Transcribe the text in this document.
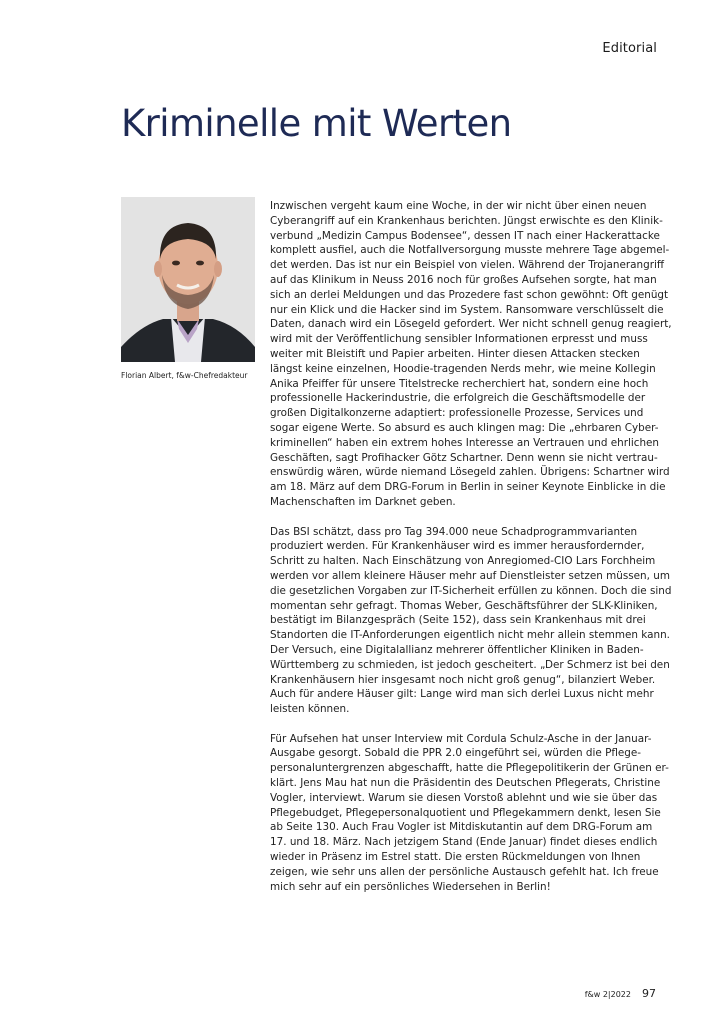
Editorial
Kriminelle mit Werten
Florian Albert, f&w-Chefredakteur

Inzwischen vergeht kaum eine Woche, in der wir nicht über einen neuen
Cyberangriff auf ein Krankenhaus berichten. Jüngst erwischte es den Klinik-
verbund „Medizin Campus Bodensee“, dessen IT nach einer Hackerattacke
komplett ausfiel, auch die Notfallversorgung musste mehrere Tage abgemel-
det werden. Das ist nur ein Beispiel von vielen. Während der Trojanerangriff
auf das Klinikum in Neuss 2016 noch für großes Aufsehen sorgte, hat man
sich an derlei Meldungen und das Prozedere fast schon gewöhnt: Oft genügt
nur ein Klick und die Hacker sind im System. Ransomware verschlüsselt die
Daten, danach wird ein Lösegeld gefordert. Wer nicht schnell genug reagiert,
wird mit der Veröffentlichung sensibler Informationen erpresst und muss
weiter mit Bleistift und Papier arbeiten. Hinter diesen Attacken stecken
längst keine einzelnen, Hoodie-tragenden Nerds mehr, wie meine Kollegin
Anika Pfeiffer für unsere Titelstrecke recherchiert hat, sondern eine hoch
professionelle Hackerindustrie, die erfolgreich die Geschäftsmodelle der
großen Digitalkonzerne adaptiert: professionelle Prozesse, Services und
sogar eigene Werte. So absurd es auch klingen mag: Die „ehrbaren Cyber-
kriminellen“ haben ein extrem hohes Interesse an Vertrauen und ehrlichen
Geschäften, sagt Profihacker Götz Schartner. Denn wenn sie nicht vertrau-
enswürdig wären, würde niemand Lösegeld zahlen. Übrigens: Schartner wird
am 18. März auf dem DRG-Forum in Berlin in seiner Keynote Einblicke in die
Machenschaften im Darknet geben.

Das BSI schätzt, dass pro Tag 394.000 neue Schadprogrammvarianten
produziert werden. Für Krankenhäuser wird es immer herausfordernder,
Schritt zu halten. Nach Einschätzung von Anregiomed-CIO Lars Forchheim
werden vor allem kleinere Häuser mehr auf Dienstleister setzen müssen, um
die gesetzlichen Vorgaben zur IT-Sicherheit erfüllen zu können. Doch die sind
momentan sehr gefragt. Thomas Weber, Geschäftsführer der SLK-Kliniken,
bestätigt im Bilanzgespräch (Seite 152), dass sein Krankenhaus mit drei
Standorten die IT-Anforderungen eigentlich nicht mehr allein stemmen kann.
Der Versuch, eine Digitalallianz mehrerer öffentlicher Kliniken in Baden-
Württemberg zu schmieden, ist jedoch gescheitert. „Der Schmerz ist bei den
Krankenhäusern hier insgesamt noch nicht groß genug“, bilanziert Weber.
Auch für andere Häuser gilt: Lange wird man sich derlei Luxus nicht mehr
leisten können.

Für Aufsehen hat unser Interview mit Cordula Schulz-Asche in der Januar-
Ausgabe gesorgt. Sobald die PPR 2.0 eingeführt sei, würden die Pflege-
personaluntergrenzen abgeschafft, hatte die Pflegepolitikerin der Grünen er-
klärt. Jens Mau hat nun die Präsidentin des Deutschen Pflegerats, Christine
Vogler, interviewt. Warum sie diesen Vorstoß ablehnt und wie sie über das
Pflegebudget, Pflegepersonalquotient und Pflegekammern denkt, lesen Sie
ab Seite 130. Auch Frau Vogler ist Mitdiskutantin auf dem DRG-Forum am
17. und 18. März. Nach jetzigem Stand (Ende Januar) findet dieses endlich
wieder in Präsenz im Estrel statt. Die ersten Rückmeldungen von Ihnen
zeigen, wie sehr uns allen der persönliche Austausch gefehlt hat. Ich freue
mich sehr auf ein persönliches Wiedersehen in Berlin!

f&w 2|2022 97
